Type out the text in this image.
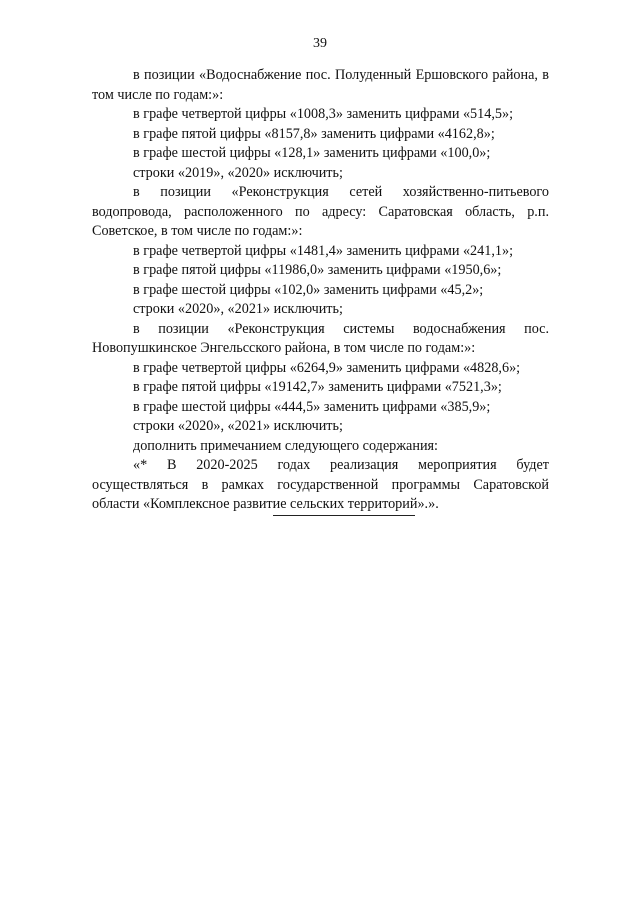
39

в позиции «Водоснабжение пос. Полуденный Ершовского района, в том числе по годам:»:

в графе четвертой цифры «1008,3» заменить цифрами «514,5»;

в графе пятой цифры «8157,8» заменить цифрами «4162,8»;

в графе шестой цифры «128,1» заменить цифрами «100,0»;

строки «2019», «2020» исключить;

в позиции «Реконструкция сетей хозяйственно-питьевого водопровода, расположенного по адресу: Саратовская область, р.п. Советское, в том числе по годам:»:

в графе четвертой цифры «1481,4» заменить цифрами «241,1»;

в графе пятой цифры «11986,0» заменить цифрами «1950,6»;

в графе шестой цифры «102,0» заменить цифрами «45,2»;

строки «2020», «2021» исключить;

в позиции «Реконструкция системы водоснабжения пос. Новопушкинское Энгельсского района, в том числе по годам:»:

в графе четвертой цифры «6264,9» заменить цифрами «4828,6»;

в графе пятой цифры «19142,7» заменить цифрами «7521,3»;

в графе шестой цифры «444,5» заменить цифрами «385,9»;

строки «2020», «2021» исключить;

дополнить примечанием следующего содержания:

«* В 2020-2025 годах реализация мероприятия будет осуществляться в рамках государственной программы Саратовской области «Комплексное развитие сельских территорий».».
